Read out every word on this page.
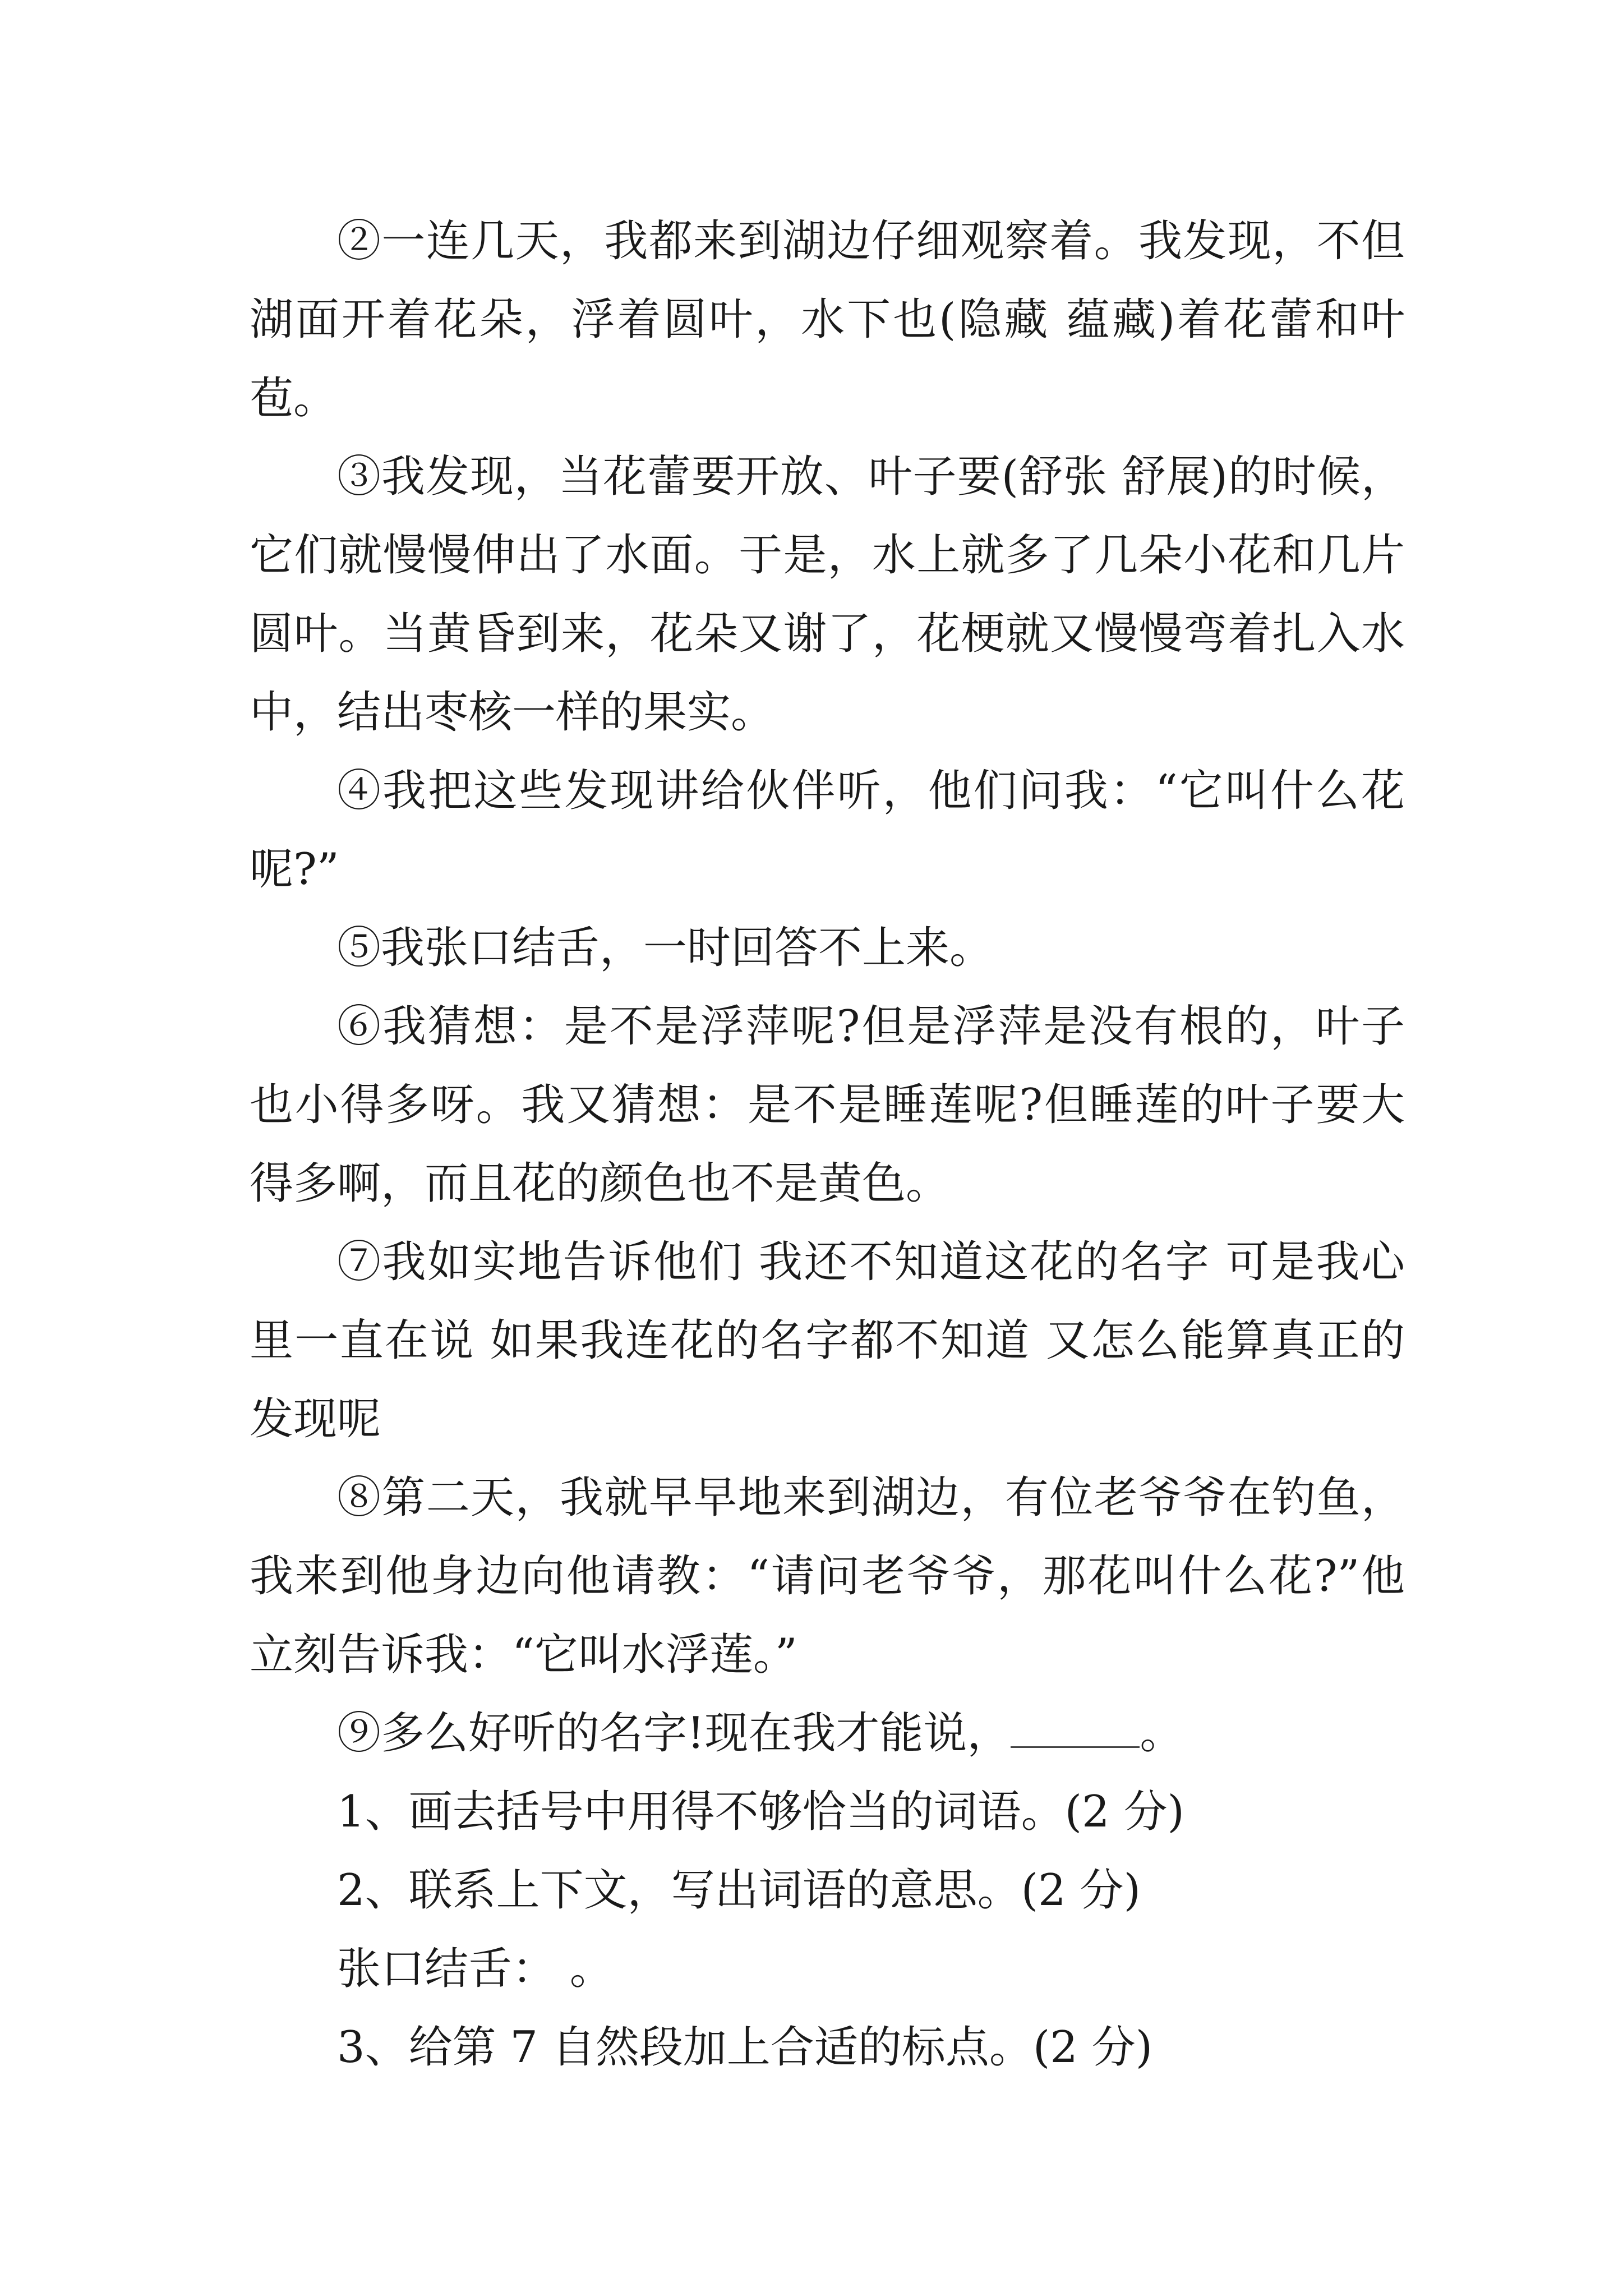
②一连几天，我都来到湖边仔细观察着。我发现，不但湖面开着花朵，浮着圆叶，水下也(隐藏 蕴藏)着花蕾和叶苞。

③我发现，当花蕾要开放、叶子要(舒张 舒展)的时候，它们就慢慢伸出了水面。于是，水上就多了几朵小花和几片圆叶。当黄昏到来，花朵又谢了，花梗就又慢慢弯着扎入水中，结出枣核一样的果实。

④我把这些发现讲给伙伴听，他们问我：“它叫什么花呢?”

⑤我张口结舌，一时回答不上来。

⑥我猜想：是不是浮萍呢?但是浮萍是没有根的，叶子也小得多呀。我又猜想：是不是睡莲呢?但睡莲的叶子要大得多啊，而且花的颜色也不是黄色。

⑦我如实地告诉他们 我还不知道这花的名字 可是我心里一直在说 如果我连花的名字都不知道 又怎么能算真正的发现呢

⑧第二天，我就早早地来到湖边，有位老爷爷在钓鱼，我来到他身边向他请教：“请问老爷爷，那花叫什么花?”他立刻告诉我：“它叫水浮莲。”

⑨多么好听的名字!现在我才能说，	。

1、画去括号中用得不够恰当的词语。(2 分)

2、联系上下文，写出词语的意思。(2 分)

张口结舌： 。

3、给第 7 自然段加上合适的标点。(2 分)
